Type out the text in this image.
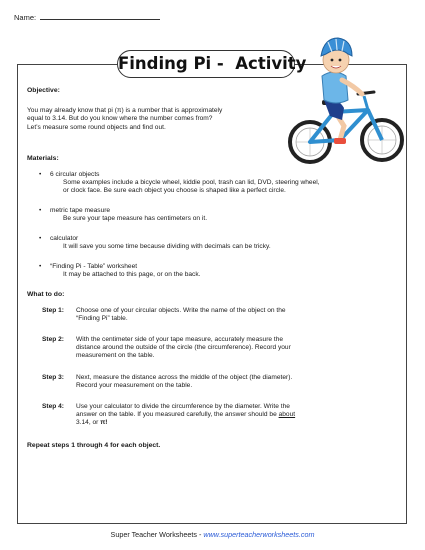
Name:
Finding Pi -  Activity
Objective:
You may already know that pi (π) is a number that is approximately
equal to 3.14. But do you know where the number comes from?
Let’s measure some round objects and find out.
Materials:
• 6 circular objects
Some examples include a bicycle wheel, kiddie pool, trash can lid, DVD, steering wheel,
or clock face. Be sure each object you choose is shaped like a perfect circle.
• metric tape measure
Be sure your tape measure has centimeters on it.
• calculator
It will save you some time because dividing with decimals can be tricky.
• “Finding Pi - Table” worksheet
It may be attached to this page, or on the back.
What to do:
Step 1: Choose one of your circular objects. Write the name of the object on the
“Finding Pi” table.
Step 2: With the centimeter side of your tape measure, accurately measure the
distance around the outside of the circle (the circumference). Record your
measurement on the table.
Step 3: Next, measure the distance across the middle of the object (the diameter).
Record your measurement on the table.
Step 4: Use your calculator to divide the circumference by the diameter. Write the
answer on the table. If you measured carefully, the answer should be about
3.14, or π!
Repeat steps 1 through 4 for each object.
Super Teacher Worksheets - www.superteacherworksheets.com
